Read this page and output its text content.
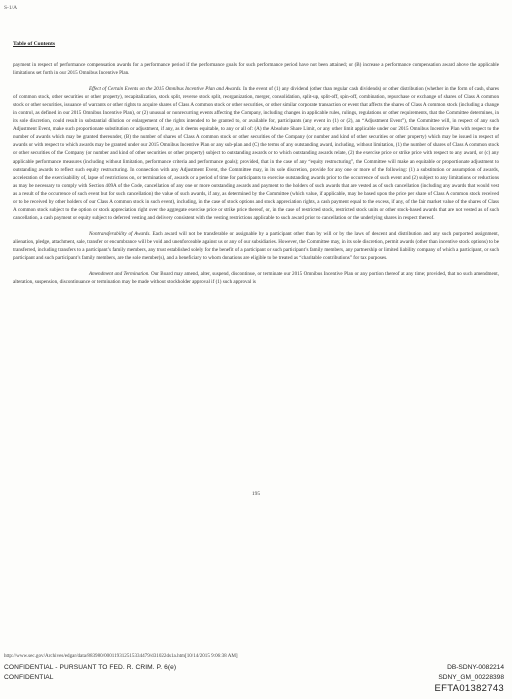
S-1/A
Table of Contents

payment in respect of performance compensation awards for a performance period if the performance goals for such performance period have not been attained; or (B) increase a performance compensation award above the applicable limitations set forth in our 2015 Omnibus Incentive Plan.

Effect of Certain Events on the 2015 Omnibus Incentive Plan and Awards. In the event of (1) any dividend (other than regular cash dividends) or other distribution (whether in the form of cash, shares of common stock, other securities or other property), recapitalization, stock split, reverse stock split, reorganization, merger, consolidation, split-up, split-off, spin-off, combination, repurchase or exchange of shares of Class A common stock or other securities, issuance of warrants or other rights to acquire shares of Class A common stock or other securities, or other similar corporate transaction or event that affects the shares of Class A common stock (including a change in control, as defined in our 2015 Omnibus Incentive Plan), or (2) unusual or nonrecurring events affecting the Company, including changes in applicable rules, rulings, regulations or other requirements, that the Committee determines, in its sole discretion, could result in substantial dilution or enlargement of the rights intended to be granted to, or available for, participants (any event in (1) or (2), an “Adjustment Event”), the Committee will, in respect of any such Adjustment Event, make such proportionate substitution or adjustment, if any, as it deems equitable, to any or all of: (A) the Absolute Share Limit, or any other limit applicable under our 2015 Omnibus Incentive Plan with respect to the number of awards which may be granted thereunder, (B) the number of shares of Class A common stock or other securities of the Company (or number and kind of other securities or other property) which may be issued in respect of awards or with respect to which awards may be granted under our 2015 Omnibus Incentive Plan or any sub-plan and (C) the terms of any outstanding award, including, without limitation, (1) the number of shares of Class A common stock or other securities of the Company (or number and kind of other securities or other property) subject to outstanding awards or to which outstanding awards relate, (2) the exercise price or strike price with respect to any award, or (c) any applicable performance measures (including without limitation, performance criteria and performance goals); provided, that in the case of any “equity restructuring”, the Committee will make an equitable or proportionate adjustment to outstanding awards to reflect such equity restructuring. In connection with any Adjustment Event, the Committee may, in its sole discretion, provide for any one or more of the following: (1) a substitution or assumption of awards, acceleration of the exercisability of, lapse of restrictions on, or termination of, awards or a period of time for participants to exercise outstanding awards prior to the occurrence of such event and (2) subject to any limitations or reductions as may be necessary to comply with Section 409A of the Code, cancellation of any one or more outstanding awards and payment to the holders of such awards that are vested as of such cancellation (including any awards that would vest as a result of the occurrence of such event but for such cancellation) the value of such awards, if any, as determined by the Committee (which value, if applicable, may be based upon the price per share of Class A common stock received or to be received by other holders of our Class A common stock in such event), including, in the case of stock options and stock appreciation rights, a cash payment equal to the excess, if any, of the fair market value of the shares of Class A common stock subject to the option or stock appreciation right over the aggregate exercise price or strike price thereof, or, in the case of restricted stock, restricted stock units or other stock-based awards that are not vested as of such cancellation, a cash payment or equity subject to deferred vesting and delivery consistent with the vesting restrictions applicable to such award prior to cancellation or the underlying shares in respect thereof.

Nontransferability of Awards. Each award will not be transferable or assignable by a participant other than by will or by the laws of descent and distribution and any such purported assignment, alienation, pledge, attachment, sale, transfer or encumbrance will be void and unenforceable against us or any of our subsidiaries. However, the Committee may, in its sole discretion, permit awards (other than incentive stock options) to be transferred, including transfers to a participant’s family members, any trust established solely for the benefit of a participant or such participant’s family members, any partnership or limited liability company of which a participant, or such participant and such participant’s family members, are the sole member(s), and a beneficiary to whom donations are eligible to be treated as “charitable contributions” for tax purposes.

Amendment and Termination. Our Board may amend, alter, suspend, discontinue, or terminate our 2015 Omnibus Incentive Plan or any portion thereof at any time; provided, that no such amendment, alteration, suspension, discontinuance or termination may be made without stockholder approval if (1) such approval is

195
http://www.sec.gov/Archives/edgar/data/883980/000119312515334479/d31022ds1a.htm[10/14/2015 9:06:38 AM]
CONFIDENTIAL - PURSUANT TO FED. R. CRIM. P. 6(e)
CONFIDENTIAL
DB-SDNY-0082214
SDNY_GM_00228398
EFTA01382743
